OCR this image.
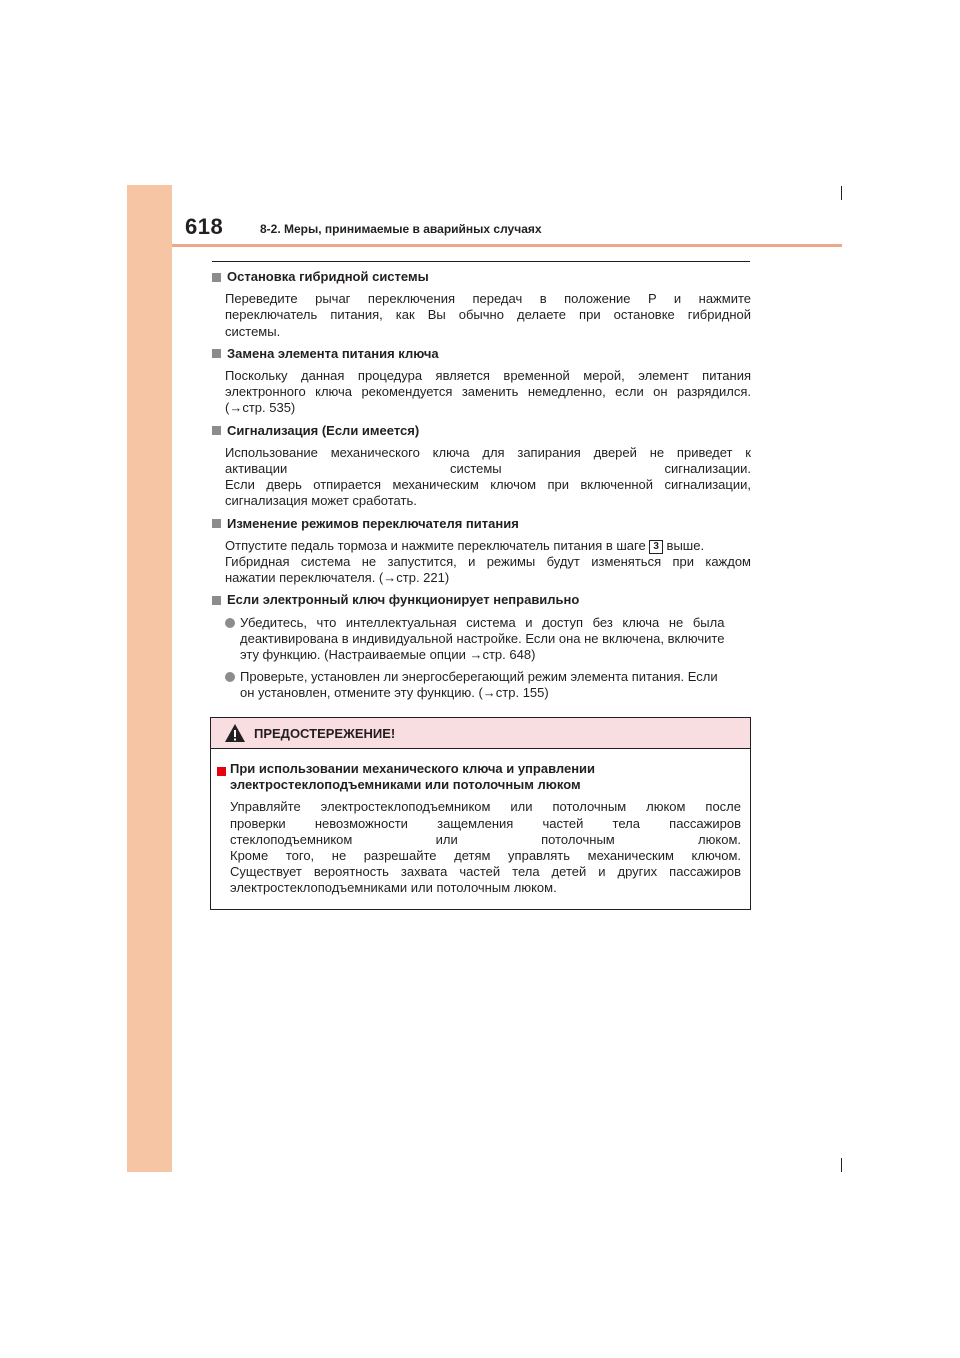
618	8-2. Меры, принимаемые в аварийных случаях
Остановка гибридной системы
Переведите рычаг переключения передач в положение P и нажмите
переключатель питания, как Вы обычно делаете при остановке гибридной
системы.
Замена элемента питания ключа
Поскольку данная процедура является временной мерой, элемент питания
электронного ключа рекомендуется заменить немедленно, если он разрядился.
(→стр. 535)
Сигнализация (Если имеется)
Использование механического ключа для запирания дверей не приведет к
активации системы сигнализации.
Если дверь отпирается механическим ключом при включенной сигнализации,
сигнализация может сработать.
Изменение режимов переключателя питания
Отпустите педаль тормоза и нажмите переключатель питания в шаге 3 выше.
Гибридная система не запустится, и режимы будут изменяться при каждом
нажатии переключателя. (→стр. 221)
Если электронный ключ функционирует неправильно
Убедитесь, что интеллектуальная система и доступ без ключа не была
деактивирована в индивидуальной настройке. Если она не включена, включите
эту функцию. (Настраиваемые опции →стр. 648)
Проверьте, установлен ли энергосберегающий режим элемента питания. Если
он установлен, отмените эту функцию. (→стр. 155)
ПРЕДОСТЕРЕЖЕНИЕ!
При использовании механического ключа и управлении
электростеклоподъемниками или потолочным люком
Управляйте электростеклоподъемником или потолочным люком после
проверки невозможности защемления частей тела пассажиров
стеклоподъемником или потолочным люком.
Кроме того, не разрешайте детям управлять механическим ключом.
Существует вероятность захвата частей тела детей и других пассажиров
электростеклоподъемниками или потолочным люком.
